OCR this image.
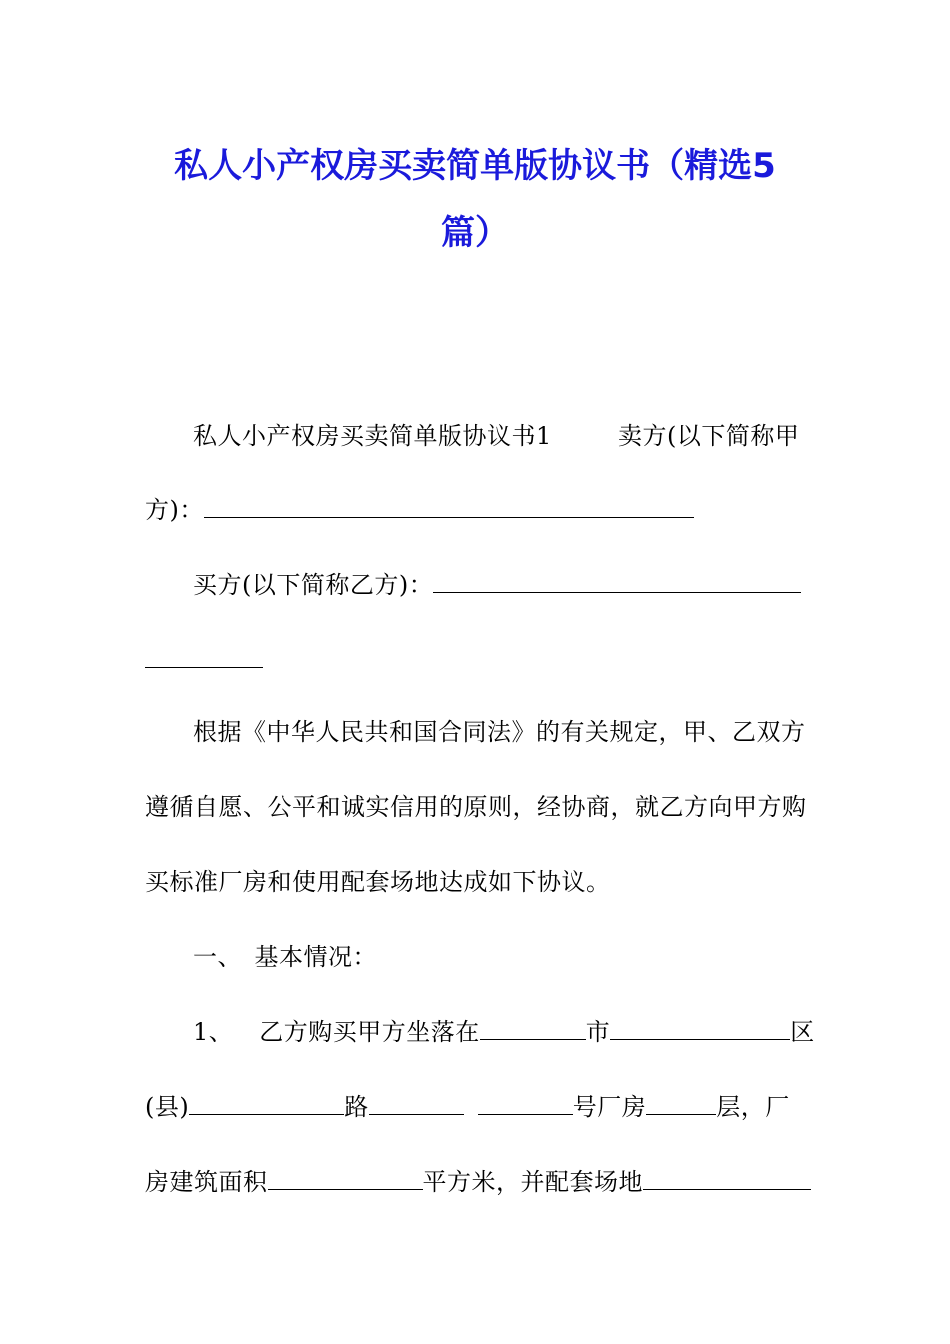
私人小产权房买卖简单版协议书（精选5
篇）
私人小产权房买卖简单版协议书1	卖方(以下简称甲
方)：
买方(以下简称乙方)：
根据《中华人民共和国合同法》的有关规定，甲、乙双方
遵循自愿、公平和诚实信用的原则，经协商，就乙方向甲方购
买标准厂房和使用配套场地达成如下协议。
一、　基本情况：
1、 乙方购买甲方坐落在	市	区
(县)	路	号厂房	层，厂
房建筑面积	平方米，并配套场地
